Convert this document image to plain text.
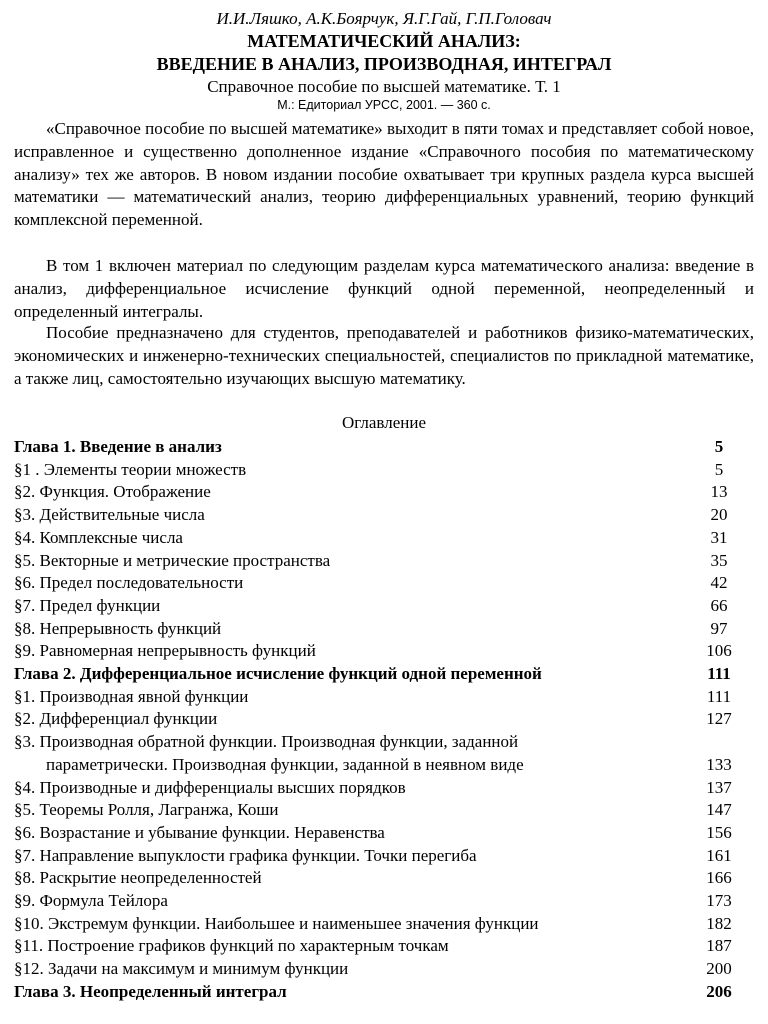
И.И.Ляшко, А.К.Боярчук, Я.Г.Гай, Г.П.Головач
МАТЕМАТИЧЕСКИЙ АНАЛИЗ:
ВВЕДЕНИЕ В АНАЛИЗ, ПРОИЗВОДНАЯ, ИНТЕГРАЛ
Справочное пособие по высшей математике. Т. 1
М.: Едиториал УРСС, 2001. — 360 с.
«Справочное пособие по высшей математике» выходит в пяти томах и представляет собой новое, исправленное и существенно дополненное издание «Справочного пособия по математическому анализу» тех же авторов. В новом издании пособие охватывает три крупных раздела курса высшей математики — математический анализ, теорию дифференциальных уравнений, теорию функций комплексной переменной.
В том 1 включен материал по следующим разделам курса математического анализа: введение в анализ, дифференциальное исчисление функций одной переменной, неопределенный и определенный интегралы.
Пособие предназначено для студентов, преподавателей и работников физико-математических, экономических и инженерно-технических специальностей, специалистов по прикладной математике, а также лиц, самостоятельно изучающих высшую математику.
Оглавление
Глава 1. Введение в анализ	5
§1 . Элементы теории множеств	5
§2. Функция. Отображение	13
§3. Действительные числа	20
§4. Комплексные числа	31
§5. Векторные и метрические пространства	35
§6. Предел последовательности	42
§7. Предел функции	66
§8. Непрерывность функций	97
§9. Равномерная непрерывность функций	106
Глава 2. Дифференциальное исчисление функций одной переменной	111
§1. Производная явной функции	111
§2. Дифференциал функции	127
§3. Производная обратной функции. Производная функции, заданной
параметрически. Производная функции, заданной в неявном виде	133
§4. Производные и дифференциалы высших порядков	137
§5. Теоремы Ролля, Лагранжа, Коши	147
§6. Возрастание и убывание функции. Неравенства	156
§7. Направление выпуклости графика функции. Точки перегиба	161
§8. Раскрытие неопределенностей	166
§9. Формула Тейлора	173
§10. Экстремум функции. Наибольшее и наименьшее значения функции	182
§11. Построение графиков функций по характерным точкам	187
§12. Задачи на максимум и минимум функции	200
Глава 3. Неопределенный интеграл	206
